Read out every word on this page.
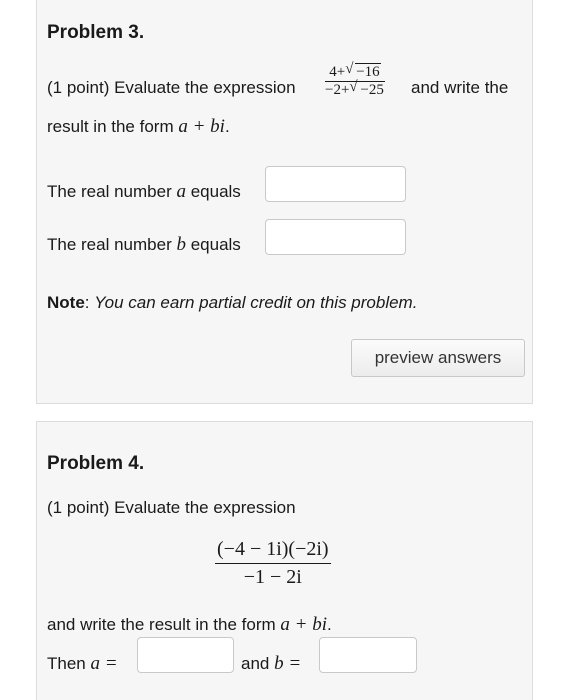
Problem 3.
(1 point) Evaluate the expression
4+ √ −16
−2+ √ −25 and write the
result in the form a + bi.
The real number a equals
The real number b equals
Note: You can earn partial credit on this problem.
preview answers
Problem 4.
(1 point) Evaluate the expression
(−4 − 1i)(−2i)
−1 − 2i
and write the result in the form a + bi.
Then a =	and b =
